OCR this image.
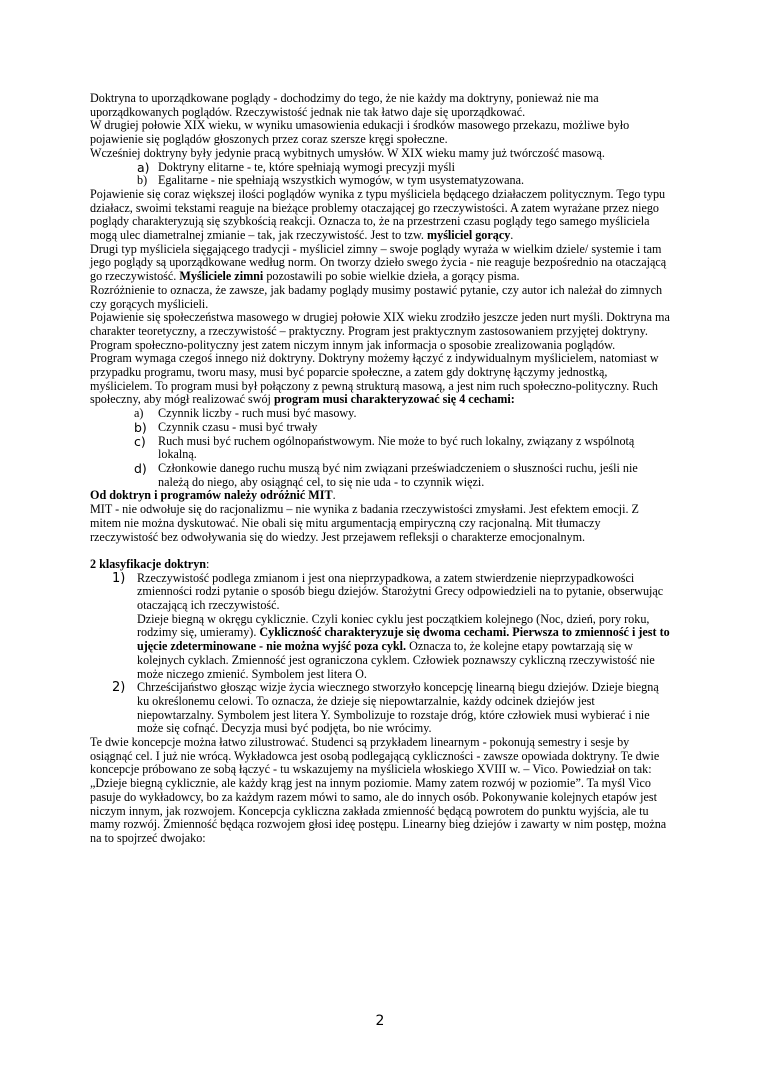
Doktryna to uporządkowane poglądy - dochodzimy do tego, że nie każdy ma doktryny, ponieważ nie ma uporządkowanych poglądów. Rzeczywistość jednak nie tak łatwo daje się uporządkować.

W drugiej połowie XIX wieku, w wyniku umasowienia edukacji i środków masowego przekazu, możliwe było pojawienie się poglądów głoszonych przez coraz szersze kręgi społeczne.

Wcześniej doktryny były jedynie pracą wybitnych umysłów. W XIX wieku mamy już twórczość masową.

a) Doktryny elitarne - te, które spełniają wymogi precyzji myśli
b) Egalitarne - nie spełniają wszystkich wymogów, w tym usystematyzowana.

Pojawienie się coraz większej ilości poglądów wynika z typu myśliciela będącego działaczem politycznym. Tego typu działacz, swoimi tekstami reaguje na bieżące problemy otaczającej go rzeczywistości. A zatem wyrażane przez niego poglądy charakteryzują się szybkością reakcji. Oznacza to, że na przestrzeni czasu poglądy tego samego myśliciela mogą ulec diametralnej zmianie – tak, jak rzeczywistość. Jest to tzw. myśliciel gorący.

Drugi typ myśliciela sięgającego tradycji - myśliciel zimny – swoje poglądy wyraża w wielkim dziele/ systemie i tam jego poglądy są uporządkowane według norm. On tworzy dzieło swego życia - nie reaguje bezpośrednio na otaczającą go rzeczywistość. Myśliciele zimni pozostawili po sobie wielkie dzieła, a gorący pisma.

Rozróżnienie to oznacza, że zawsze, jak badamy poglądy musimy postawić pytanie, czy autor ich należał do zimnych czy gorących myślicieli.

Pojawienie się społeczeństwa masowego w drugiej połowie XIX wieku zrodziło jeszcze jeden nurt myśli. Doktryna ma charakter teoretyczny, a rzeczywistość – praktyczny. Program jest praktycznym zastosowaniem przyjętej doktryny. Program społeczno-polityczny jest zatem niczym innym jak informacja o sposobie zrealizowania poglądów.

Program wymaga czegoś innego niż doktryny. Doktryny możemy łączyć z indywidualnym myślicielem, natomiast w przypadku programu, tworu masy, musi być poparcie społeczne, a zatem gdy doktrynę łączymy jednostką, myślicielem. To program musi był połączony z pewną strukturą masową, a jest nim ruch społeczno-polityczny. Ruch społeczny, aby mógł realizować swój program musi charakteryzować się 4 cechami:

a) Czynnik liczby - ruch musi być masowy.
b) Czynnik czasu - musi być trwały
c) Ruch musi być ruchem ogólnopaństwowym. Nie może to być ruch lokalny, związany z wspólnotą lokalną.
d) Członkowie danego ruchu muszą być nim związani przeświadczeniem o słuszności ruchu, jeśli nie należą do niego, aby osiągnąć cel, to się nie uda - to czynnik więzi.

Od doktryn i programów należy odróżnić MIT.

MIT - nie odwołuje się do racjonalizmu – nie wynika z badania rzeczywistości zmysłami. Jest efektem emocji. Z mitem nie można dyskutować. Nie obali się mitu argumentacją empiryczną czy racjonalną. Mit tłumaczy rzeczywistość bez odwoływania się do wiedzy. Jest przejawem refleksji o charakterze emocjonalnym.

2 klasyfikacje doktryn:

1) Rzeczywistość podlega zmianom i jest ona nieprzypadkowa, a zatem stwierdzenie nieprzypadkowości zmienności rodzi pytanie o sposób biegu dziejów. Starożytni Grecy odpowiedzieli na to pytanie, obserwując otaczającą ich rzeczywistość.

Dzieje biegną w okręgu cyklicznie. Czyli koniec cyklu jest początkiem kolejnego (Noc, dzień, pory roku, rodzimy się, umieramy). Cykliczność charakteryzuje się dwoma cechami. Pierwsza to zmienność i jest to ujęcie zdeterminowane - nie można wyjść poza cykl. Oznacza to, że kolejne etapy powtarzają się w kolejnych cyklach. Zmienność jest ograniczona cyklem. Człowiek poznawszy cykliczną rzeczywistość nie może niczego zmienić. Symbolem jest litera O.

2) Chrześcijaństwo głosząc wizje życia wiecznego stworzyło koncepcję linearną biegu dziejów. Dzieje biegną ku określonemu celowi. To oznacza, że dzieje się niepowtarzalnie, każdy odcinek dziejów jest niepowtarzalny. Symbolem jest litera Y. Symbolizuje to rozstaje dróg, które człowiek musi wybierać i nie może się cofnąć. Decyzja musi być podjęta, bo nie wrócimy.

Te dwie koncepcje można łatwo zilustrować. Studenci są przykładem linearnym - pokonują semestry i sesje by osiągnąć cel. I już nie wrócą. Wykładowca jest osobą podlegającą cykliczności - zawsze opowiada doktryny. Te dwie koncepcje próbowano ze sobą łączyć - tu wskazujemy na myśliciela włoskiego XVIII w. – Vico. Powiedział on tak: „Dzieje biegną cyklicznie, ale każdy krąg jest na innym poziomie. Mamy zatem rozwój w poziomie”. Ta myśl Vico pasuje do wykładowcy, bo za każdym razem mówi to samo, ale do innych osób. Pokonywanie kolejnych etapów jest niczym innym, jak rozwojem. Koncepcja cykliczna zakłada zmienność będącą powrotem do punktu wyjścia, ale tu mamy rozwój. Zmienność będąca rozwojem głosi ideę postępu. Linearny bieg dziejów i zawarty w nim postęp, można na to spojrzeć dwojako:

2
